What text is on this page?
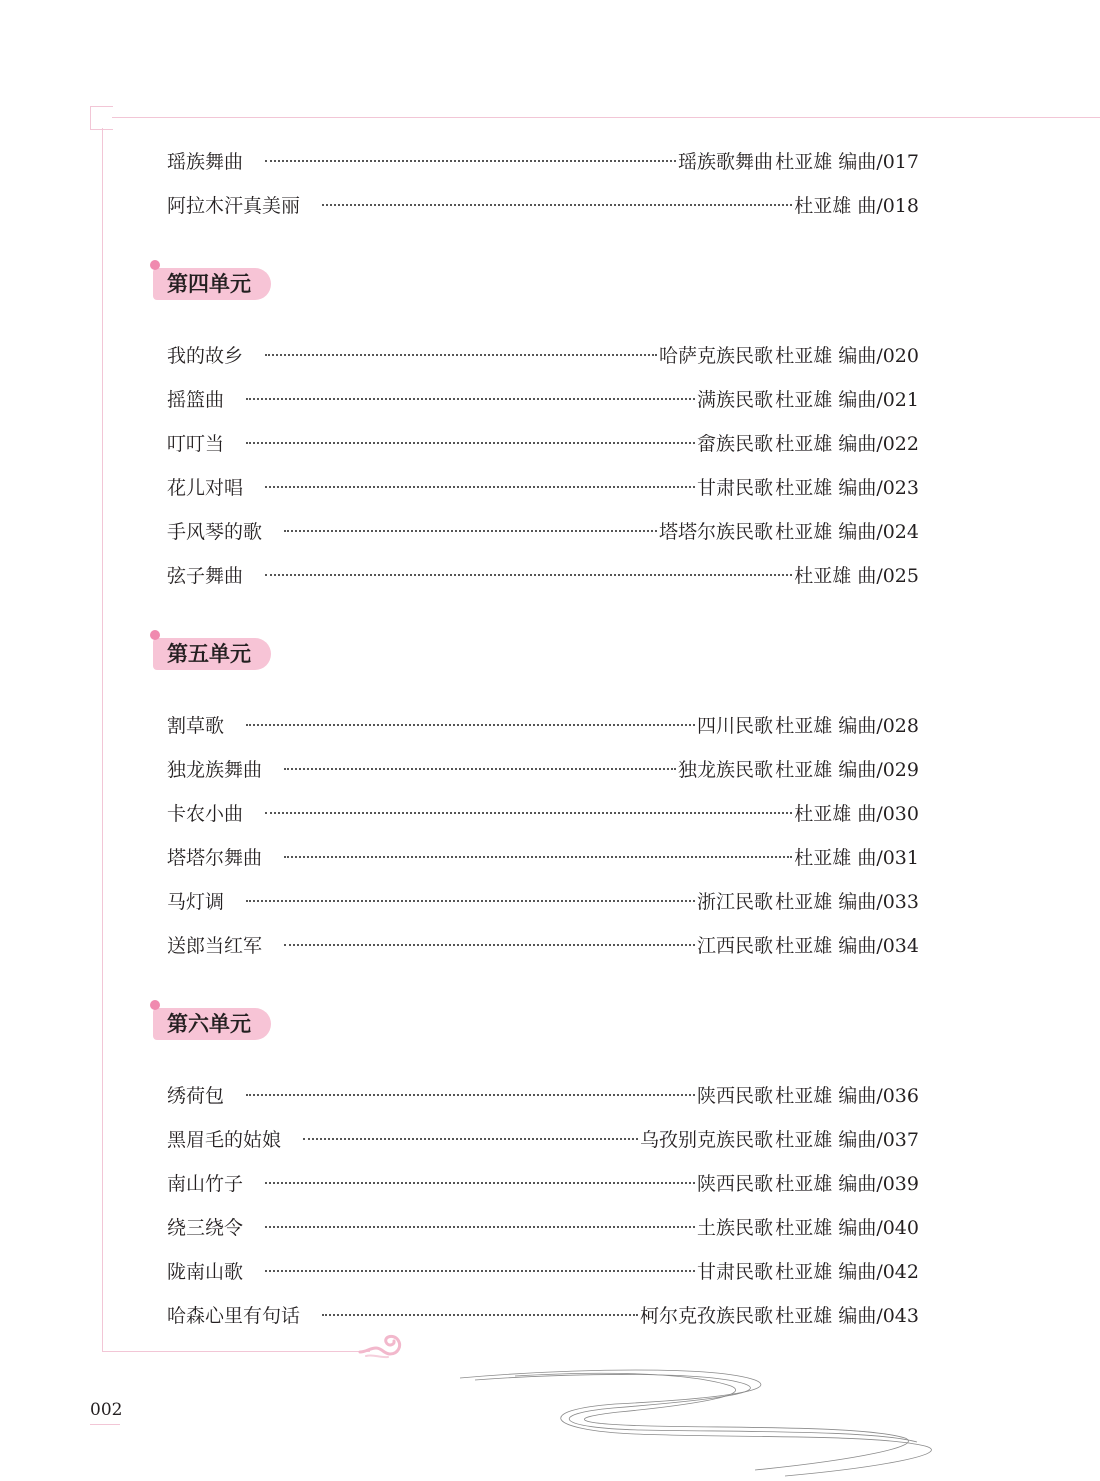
瑶族舞曲	瑶族歌舞曲 杜亚雄 编曲/017
阿拉木汗真美丽	杜亚雄 曲/018
第四单元
我的故乡	哈萨克族民歌 杜亚雄 编曲/020
摇篮曲	满族民歌 杜亚雄 编曲/021
叮叮当	畲族民歌 杜亚雄 编曲/022
花儿对唱	甘肃民歌 杜亚雄 编曲/023
手风琴的歌	塔塔尔族民歌 杜亚雄 编曲/024
弦子舞曲	杜亚雄 曲/025
第五单元
割草歌	四川民歌 杜亚雄 编曲/028
独龙族舞曲	独龙族民歌 杜亚雄 编曲/029
卡农小曲	杜亚雄 曲/030
塔塔尔舞曲	杜亚雄 曲/031
马灯调	浙江民歌 杜亚雄 编曲/033
送郎当红军	江西民歌 杜亚雄 编曲/034
第六单元
绣荷包	陕西民歌 杜亚雄 编曲/036
黑眉毛的姑娘	乌孜别克族民歌 杜亚雄 编曲/037
南山竹子	陕西民歌 杜亚雄 编曲/039
绕三绕令	土族民歌 杜亚雄 编曲/040
陇南山歌	甘肃民歌 杜亚雄 编曲/042
哈森心里有句话	柯尔克孜族民歌 杜亚雄 编曲/043
002
